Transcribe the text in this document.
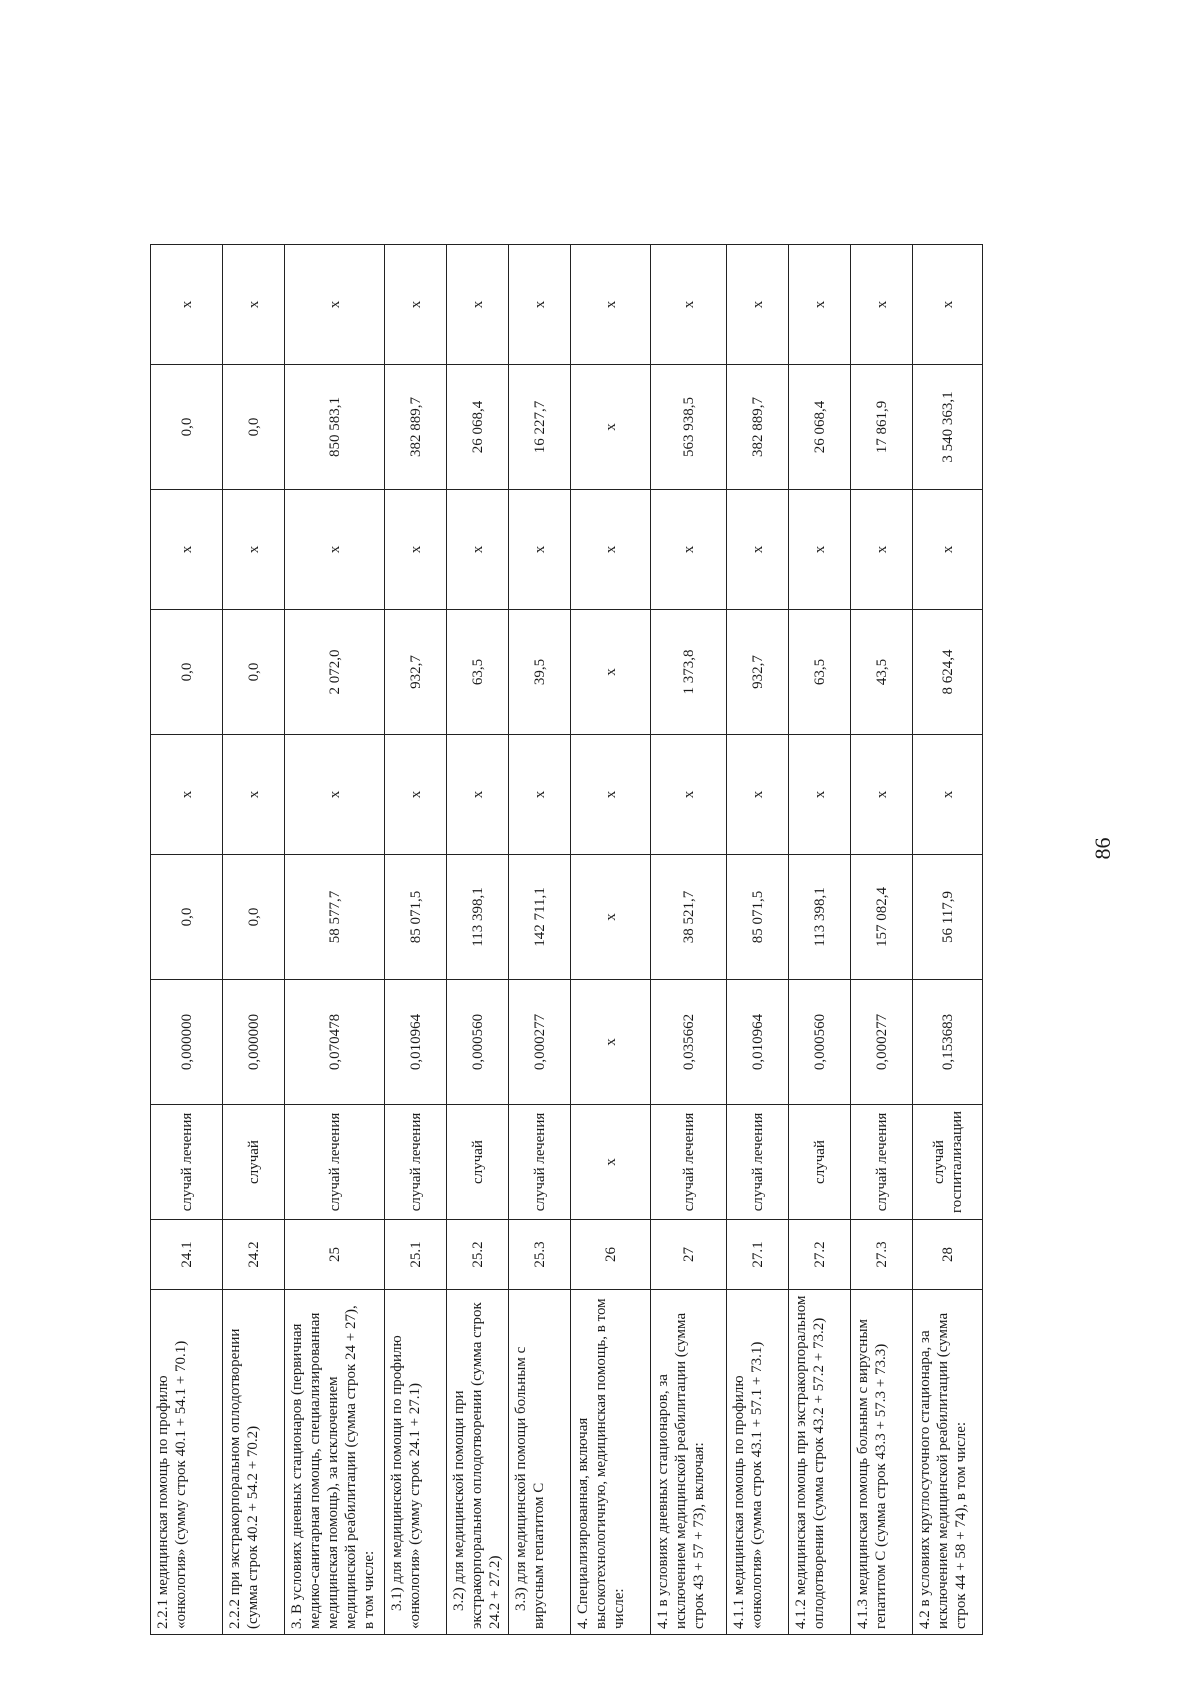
2.2.1 медицинская помощь по профилю «онкология» (сумму строк 40.1 + 54.1 + 70.1)	24.1	случай лечения	0,000000	0,0	x	0,0	x	0,0	x
2.2.2 при экстракорпоральном оплодотворении (сумма строк 40.2 + 54.2 + 70.2)	24.2	случай	0,000000	0,0	x	0,0	x	0,0	x
3. В условиях дневных стационаров (первичная медико-санитарная помощь, специализированная медицинская помощь), за исключением медицинской реабилитации (сумма строк 24 + 27), в том числе:	25	случай лечения	0,070478	58 577,7	x	2 072,0	x	850 583,1	x
3.1) для медицинской помощи по профилю «онкология» (сумму строк 24.1 + 27.1)	25.1	случай лечения	0,010964	85 071,5	x	932,7	x	382 889,7	x
3.2) для медицинской помощи при экстракорпоральном оплодотворении (сумма строк 24.2 + 27.2)	25.2	случай	0,000560	113 398,1	x	63,5	x	26 068,4	x
3.3) для медицинской помощи больным с вирусным гепатитом С	25.3	случай лечения	0,000277	142 711,1	x	39,5	x	16 227,7	x
4. Специализированная, включая высокотехнологичную, медицинская помощь, в том числе:	26	x	x	x	x	x	x	x	x
4.1 в условиях дневных стационаров, за исключением медицинской реабилитации (сумма строк 43 + 57 + 73), включая:	27	случай лечения	0,035662	38 521,7	x	1 373,8	x	563 938,5	x
4.1.1 медицинская помощь по профилю «онкология» (сумма строк 43.1 + 57.1 + 73.1)	27.1	случай лечения	0,010964	85 071,5	x	932,7	x	382 889,7	x
4.1.2 медицинская помощь при экстракорпоральном оплодотворении (сумма строк 43.2 + 57.2 + 73.2)	27.2	случай	0,000560	113 398,1	x	63,5	x	26 068,4	x
4.1.3 медицинская помощь больным с вирусным гепатитом С (сумма строк 43.3 + 57.3 + 73.3)	27.3	случай лечения	0,000277	157 082,4	x	43,5	x	17 861,9	x
4.2 в условиях круглосуточного стационара, за исключением медицинской реабилитации (сумма строк 44 + 58 + 74), в том числе:	28	случай госпитализации	0,153683	56 117,9	x	8 624,4	x	3 540 363,1	x
86
